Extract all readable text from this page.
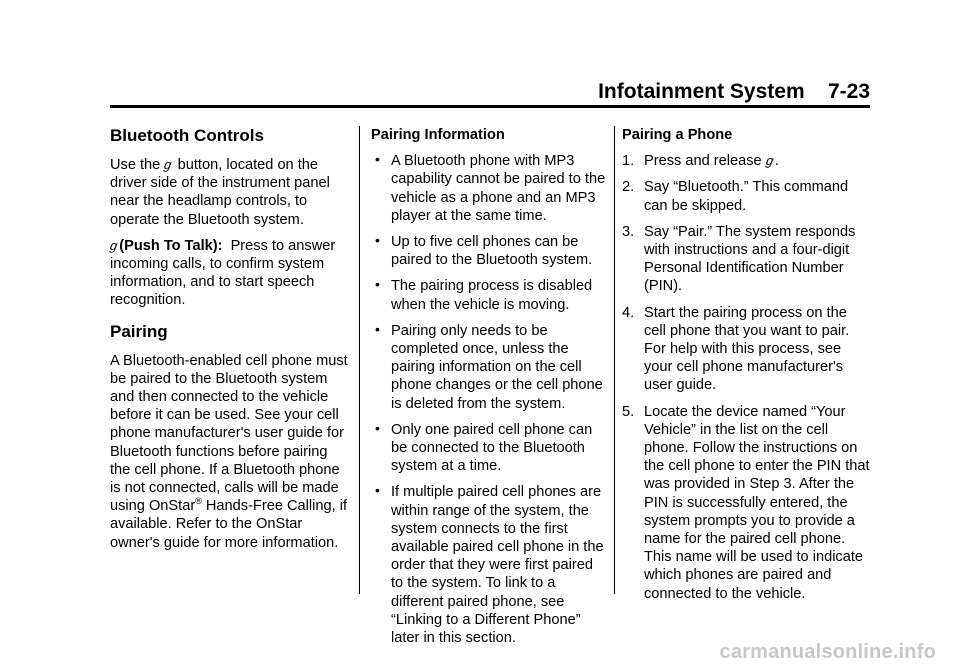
Infotainment System    7-23
Bluetooth Controls

Use the g button, located on the driver side of the instrument panel near the headlamp controls, to operate the Bluetooth system.

g(Push To Talk):  Press to answer incoming calls, to confirm system information, and to start speech recognition.

Pairing

A Bluetooth-enabled cell phone must be paired to the Bluetooth system and then connected to the vehicle before it can be used. See your cell phone manufacturer's user guide for Bluetooth functions before pairing the cell phone. If a Bluetooth phone is not connected, calls will be made using OnStar® Hands-Free Calling, if available. Refer to the OnStar owner's guide for more information.

Pairing Information
• A Bluetooth phone with MP3 capability cannot be paired to the vehicle as a phone and an MP3 player at the same time.
• Up to five cell phones can be paired to the Bluetooth system.
• The pairing process is disabled when the vehicle is moving.
• Pairing only needs to be completed once, unless the pairing information on the cell phone changes or the cell phone is deleted from the system.
• Only one paired cell phone can be connected to the Bluetooth system at a time.
• If multiple paired cell phones are within range of the system, the system connects to the first available paired cell phone in the order that they were first paired to the system. To link to a different paired phone, see “Linking to a Different Phone” later in this section.
Pairing a Phone
1. Press and release g.
2. Say “Bluetooth.” This command can be skipped.
3. Say “Pair.” The system responds with instructions and a four-digit Personal Identification Number (PIN).
4. Start the pairing process on the cell phone that you want to pair. For help with this process, see your cell phone manufacturer's user guide.
5. Locate the device named “Your Vehicle” in the list on the cell phone. Follow the instructions on the cell phone to enter the PIN that was provided in Step 3. After the PIN is successfully entered, the system prompts you to provide a name for the paired cell phone. This name will be used to indicate which phones are paired and connected to the vehicle.
carmanualsonline.info
